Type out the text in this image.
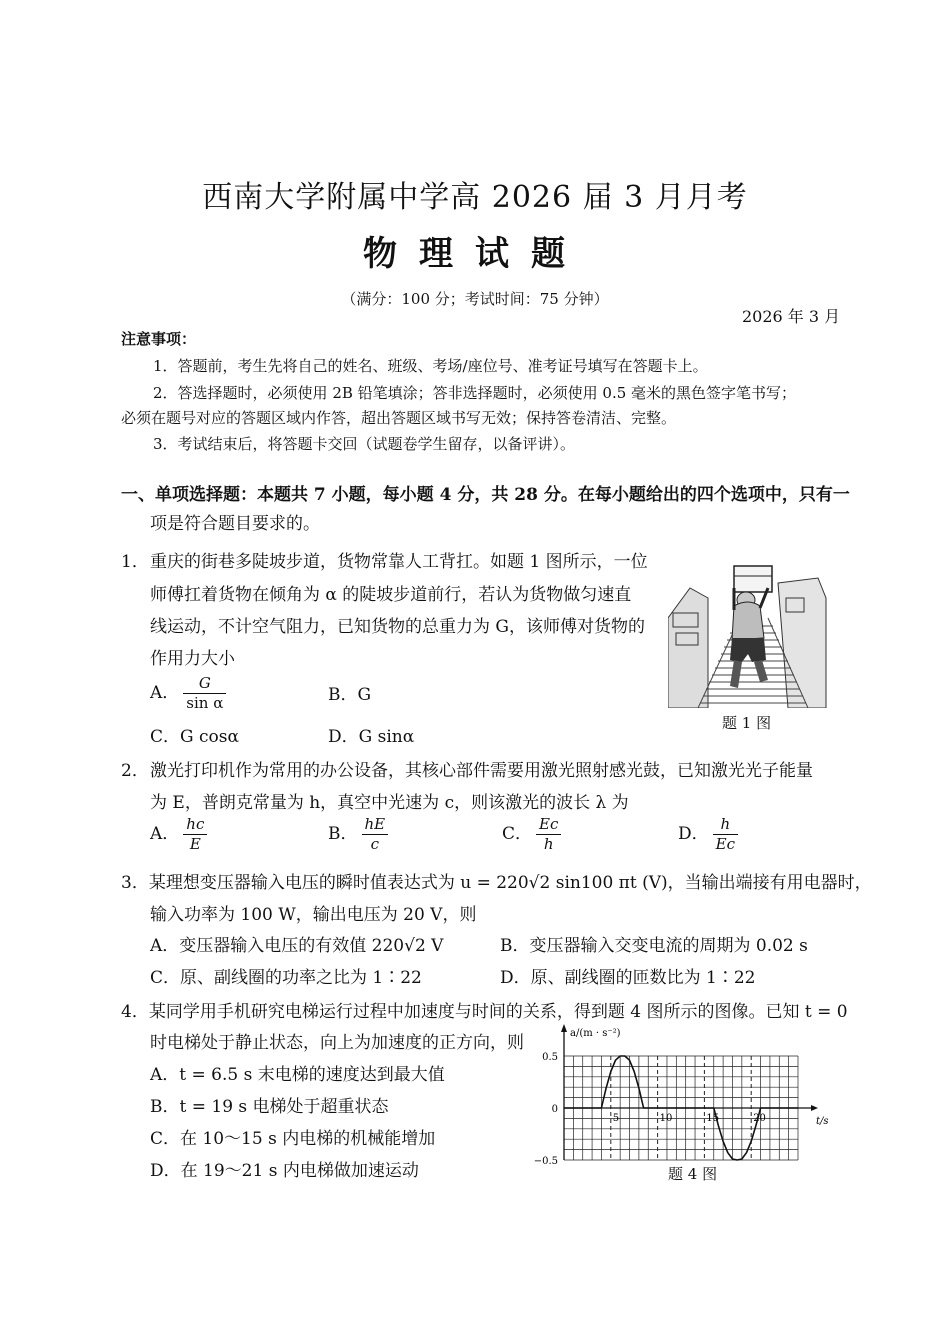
西南大学附属中学高 2026 届 3 月月考
物理试题
（满分：100 分；考试时间：75 分钟）
2026 年 3 月
注意事项：
1．答题前，考生先将自己的姓名、班级、考场/座位号、准考证号填写在答题卡上。
2．答选择题时，必须使用 2B 铅笔填涂；答非选择题时，必须使用 0.5 毫米的黑色签字笔书写；
必须在题号对应的答题区域内作答，超出答题区域书写无效；保持答卷清洁、完整。
3．考试结束后，将答题卡交回（试题卷学生留存，以备评讲）。
一、单项选择题：本题共 7 小题，每小题 4 分，共 28 分。在每小题给出的四个选项中，只有一
项是符合题目要求的。
1． 重庆的街巷多陡坡步道，货物常靠人工背扛。如题 1 图所示，一位
师傅扛着货物在倾角为 α 的陡坡步道前行，若认为货物做匀速直
线运动，不计空气阻力，已知货物的总重力为 G，该师傅对货物的
作用力大小
A． $\frac{G}{\text{sin α}}$	B．G
C．G cosα	D．G sinα
题 1 图
2． 激光打印机作为常用的办公设备，其核心部件需要用激光照射感光鼓，已知激光光子能量
为 E，普朗克常量为 h，真空中光速为 c，则该激光的波长 λ 为
A． $\frac{hc}{E}$	B． $\frac{hE}{c}$	C． $\frac{Ec}{h}$	D． $\frac{h}{Ec}$
3．某理想变压器输入电压的瞬时值表达式为 u = 220√2 sin100 πt (V)，当输出端接有用电器时，
输入功率为 100 W，输出电压为 20 V，则
A．变压器输入电压的有效值 220√2 V	B．变压器输入交变电流的周期为 0.02 s
C．原、副线圈的功率之比为 1∶22	D．原、副线圈的匝数比为 1∶22
4．某同学用手机研究电梯运行过程中加速度与时间的关系，得到题 4 图所示的图像。已知 t = 0
时电梯处于静止状态，向上为加速度的正方向，则
A．t = 6.5 s 末电梯的速度达到最大值
B．t = 19 s 电梯处于超重状态
C．在 10～15 s 内电梯的机械能增加
D．在 19～21 s 内电梯做加速运动
a/(m · s⁻²)
t/s
5	10	15	20
0.5
0
−0.5
题 4 图
